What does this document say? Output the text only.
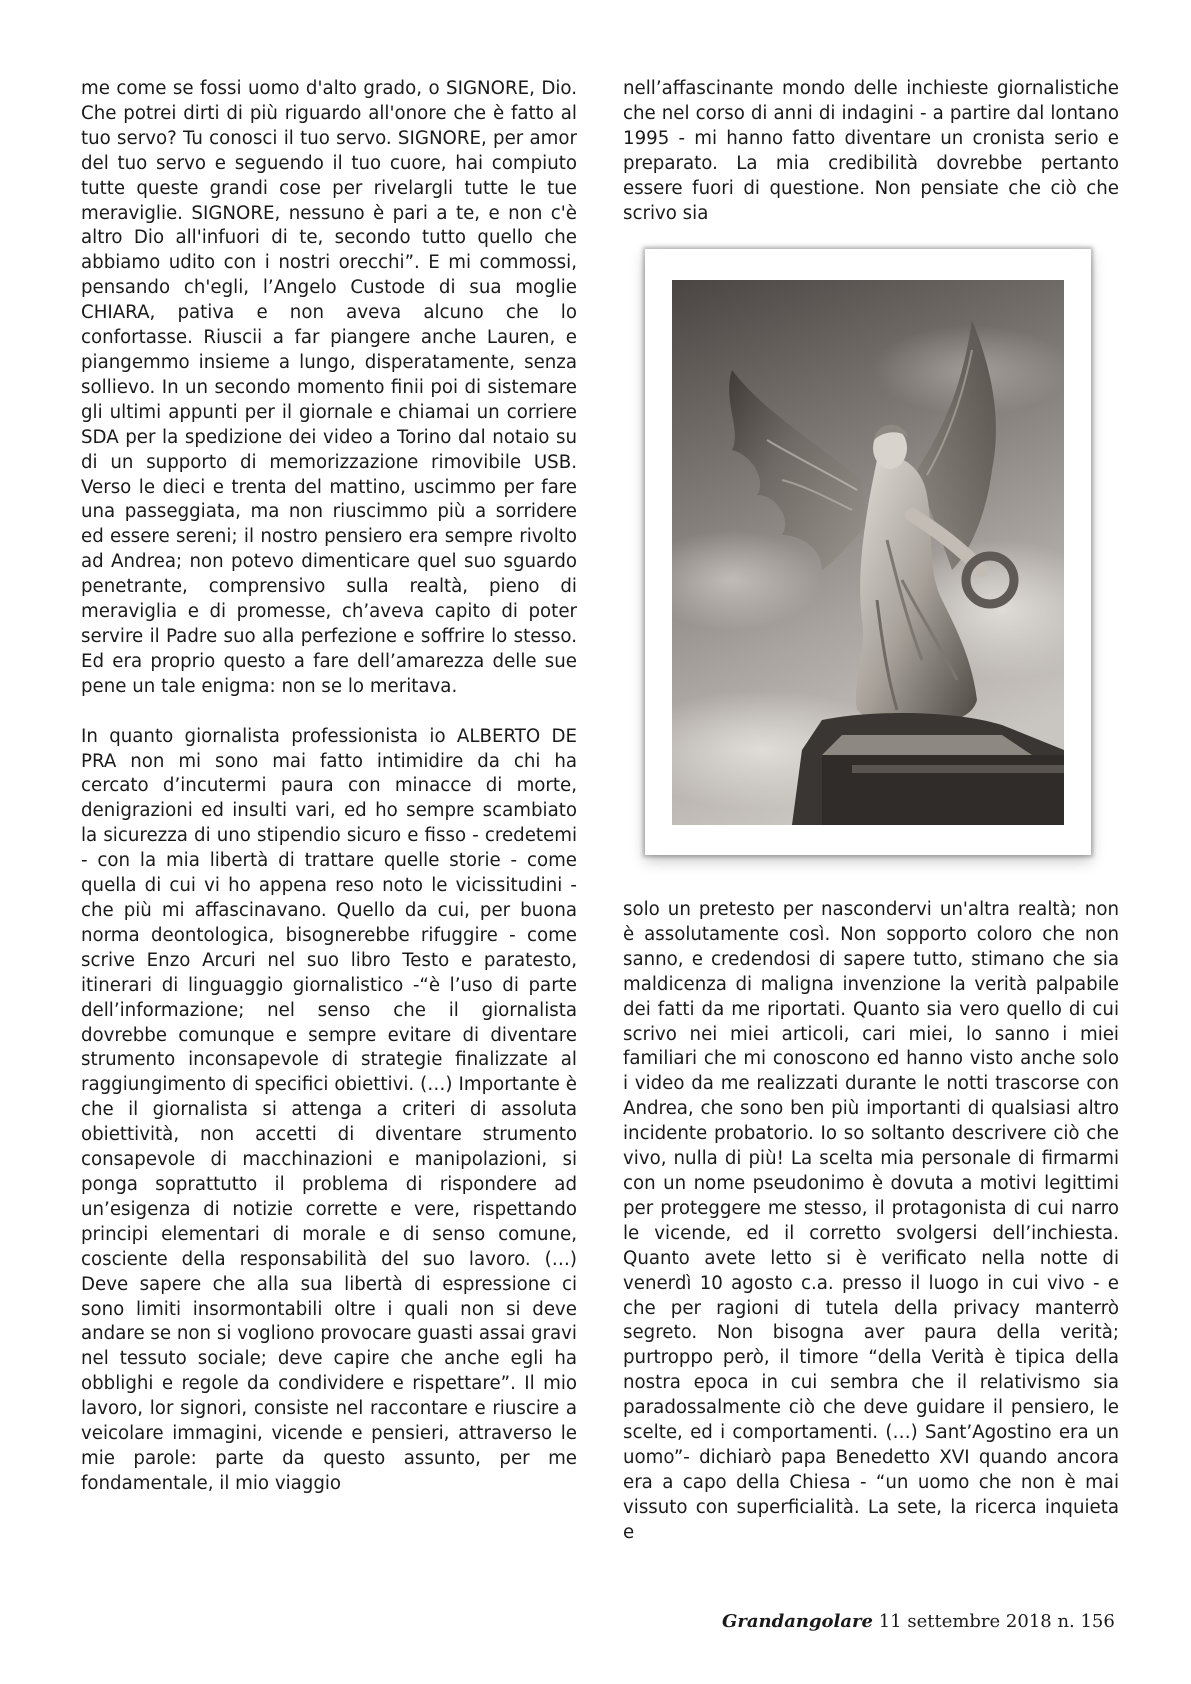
me come se fossi uomo d'alto grado, o SIGNORE, Dio. Che potrei dirti di più riguardo all'onore che è fatto al tuo servo? Tu conosci il tuo servo. SIGNORE, per amor del tuo servo e seguendo il tuo cuore, hai compiuto tutte queste grandi cose per rivelargli tutte le tue meraviglie. SIGNORE, nessuno è pari a te, e non c'è altro Dio all'infuori di te, secondo tutto quello che abbiamo udito con i nostri orecchi”. E mi commossi, pensando ch'egli, l’Angelo Custode di sua moglie CHIARA, pativa e non aveva alcuno che lo confortasse. Riuscii a far piangere anche Lauren, e piangemmo insieme a lungo, disperatamente, senza sollievo. In un secondo momento finii poi di sistemare gli ultimi appunti per il giornale e chiamai un corriere SDA per la spedizione dei video a Torino dal notaio su di un supporto di memorizzazione rimovibile USB. Verso le dieci e trenta del mattino, uscimmo per fare una passeggiata, ma non riuscimmo più a sorridere ed essere sereni; il nostro pensiero era sempre rivolto ad Andrea; non potevo dimenticare quel suo sguardo penetrante, comprensivo sulla realtà, pieno di meraviglia e di promesse, ch’aveva capito di poter servire il Padre suo alla perfezione e soffrire lo stesso. Ed era proprio questo a fare dell’amarezza delle sue pene un tale enigma: non se lo meritava.

In quanto giornalista professionista io ALBERTO DE PRA non mi sono mai fatto intimidire da chi ha cercato d’incutermi paura con minacce di morte, denigrazioni ed insulti vari, ed ho sempre scambiato la sicurezza di uno stipendio sicuro e fisso - credetemi - con la mia libertà di trattare quelle storie - come quella di cui vi ho appena reso noto le vicissitudini - che più mi affascinavano. Quello da cui, per buona norma deontologica, bisognerebbe rifuggire - come scrive Enzo Arcuri nel suo libro Testo e paratesto, itinerari di linguaggio giornalistico -“è l’uso di parte dell’informazione; nel senso che il giornalista dovrebbe comunque e sempre evitare di diventare strumento inconsapevole di strategie finalizzate al raggiungimento di specifici obiettivi. (…) Importante è che il giornalista si attenga a criteri di assoluta obiettività, non accetti di diventare strumento consapevole di macchinazioni e manipolazioni, si ponga soprattutto il problema di rispondere ad un’esigenza di notizie corrette e vere, rispettando principi elementari di morale e di senso comune, cosciente della responsabilità del suo lavoro. (…) Deve sapere che alla sua libertà di espressione ci sono limiti insormontabili oltre i quali non si deve andare se non si vogliono provocare guasti assai gravi nel tessuto sociale; deve capire che anche egli ha obblighi e regole da condividere e rispettare”. Il mio lavoro, lor signori, consiste nel raccontare e riuscire a veicolare immagini, vicende e pensieri, attraverso le mie parole: parte da questo assunto, per me fondamentale, il mio viaggio

nell’affascinante mondo delle inchieste giornalistiche che nel corso di anni di indagini - a partire dal lontano 1995 - mi hanno fatto diventare un cronista serio e preparato. La mia credibilità dovrebbe pertanto essere fuori di questione. Non pensiate che ciò che scrivo sia

solo un pretesto per nascondervi un'altra realtà; non è assolutamente così. Non sopporto coloro che non sanno, e credendosi di sapere tutto, stimano che sia maldicenza di maligna invenzione la verità palpabile dei fatti da me riportati. Quanto sia vero quello di cui scrivo nei miei articoli, cari miei, lo sanno i miei familiari che mi conoscono ed hanno visto anche solo i video da me realizzati durante le notti trascorse con Andrea, che sono ben più importanti di qualsiasi altro incidente probatorio. Io so soltanto descrivere ciò che vivo, nulla di più! La scelta mia personale di firmarmi con un nome pseudonimo è dovuta a motivi legittimi per proteggere me stesso, il protagonista di cui narro le vicende, ed il corretto svolgersi dell’inchiesta. Quanto avete letto si è verificato nella notte di venerdì 10 agosto c.a. presso il luogo in cui vivo - e che per ragioni di tutela della privacy manterrò segreto. Non bisogna aver paura della verità; purtroppo però, il timore “della Verità è tipica della nostra epoca in cui sembra che il relativismo sia paradossalmente ciò che deve guidare il pensiero, le scelte, ed i comportamenti. (…) Sant’Agostino era un uomo”- dichiarò papa Benedetto XVI quando ancora era a capo della Chiesa - “un uomo che non è mai vissuto con superficialità. La sete, la ricerca inquieta e

Grandangolare 11 settembre 2018 n. 156
